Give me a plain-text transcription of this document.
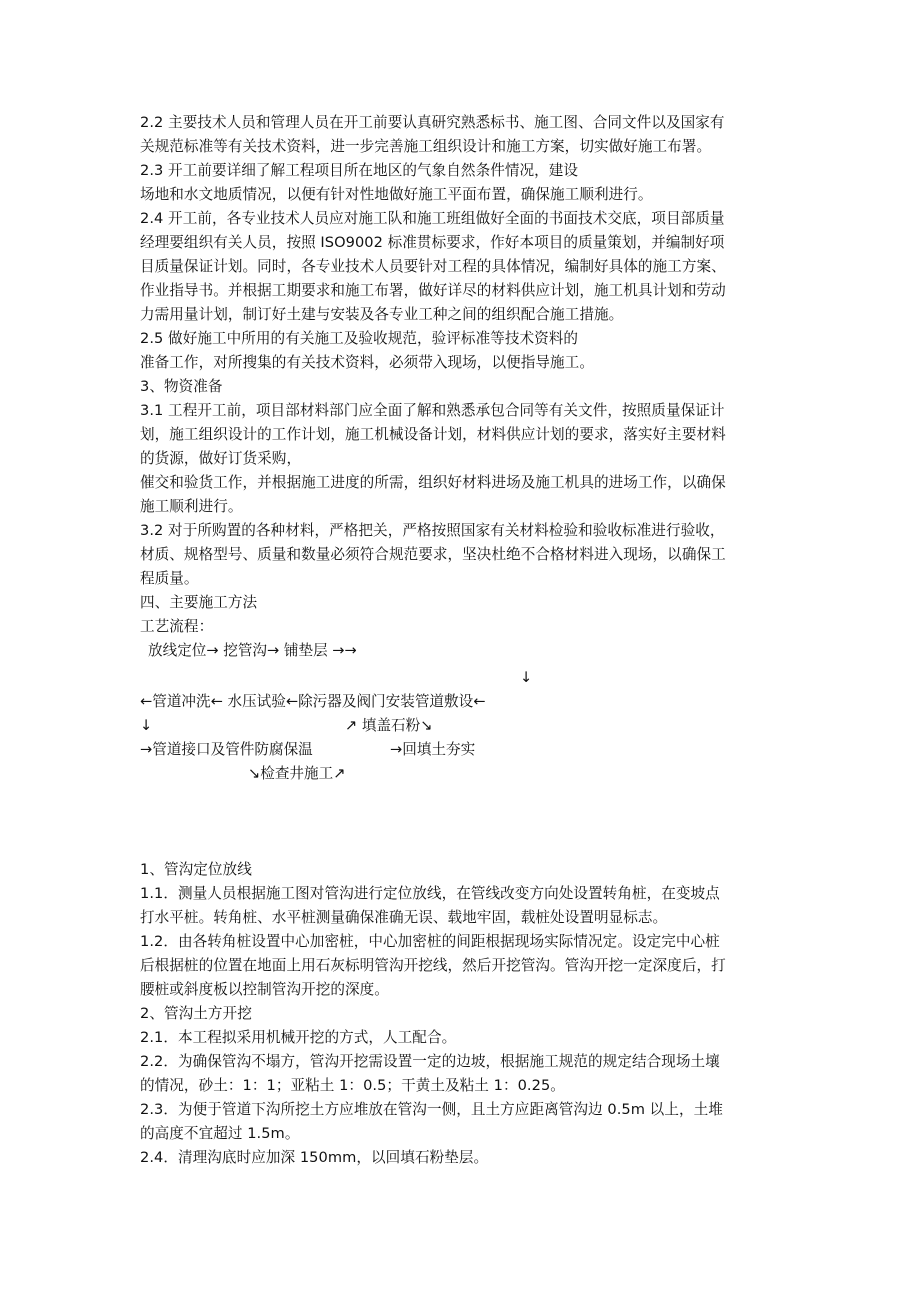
2.2 主要技术人员和管理人员在开工前要认真研究熟悉标书、施工图、合同文件以及国家有
关规范标准等有关技术资料，进一步完善施工组织设计和施工方案，切实做好施工布署。
2.3 开工前要详细了解工程项目所在地区的气象自然条件情况，建设
场地和水文地质情况，以便有针对性地做好施工平面布置，确保施工顺利进行。
2.4 开工前，各专业技术人员应对施工队和施工班组做好全面的书面技术交底，项目部质量
经理要组织有关人员，按照 ISO9002 标准贯标要求，作好本项目的质量策划，并编制好项
目质量保证计划。同时，各专业技术人员要针对工程的具体情况，编制好具体的施工方案、
作业指导书。并根据工期要求和施工布署，做好详尽的材料供应计划，施工机具计划和劳动
力需用量计划，制订好土建与安装及各专业工种之间的组织配合施工措施。
2.5 做好施工中所用的有关施工及验收规范，验评标准等技术资料的
准备工作，对所搜集的有关技术资料，必须带入现场，以便指导施工。
3、物资准备
3.1 工程开工前，项目部材料部门应全面了解和熟悉承包合同等有关文件，按照质量保证计
划，施工组织设计的工作计划，施工机械设备计划，材料供应计划的要求，落实好主要材料
的货源，做好订货采购，
催交和验货工作，并根据施工进度的所需，组织好材料进场及施工机具的进场工作，以确保
施工顺利进行。
3.2 对于所购置的各种材料，严格把关，严格按照国家有关材料检验和验收标准进行验收，
材质、规格型号、质量和数量必须符合规范要求，坚决杜绝不合格材料进入现场，以确保工
程质量。
四、主要施工方法
工艺流程：
放线定位→ 挖管沟→ 铺垫层 →→
↓
←管道冲洗← 水压试验←除污器及阀门安装管道敷设←
↓	↗ 填盖石粉↘
→管道接口及管件防腐保温	→回填土夯实
↘检查井施工↗
1、管沟定位放线
1.1．测量人员根据施工图对管沟进行定位放线，在管线改变方向处设置转角桩，在变坡点
打水平桩。转角桩、水平桩测量确保准确无误、载地牢固，载桩处设置明显标志。
1.2．由各转角桩设置中心加密桩，中心加密桩的间距根据现场实际情况定。设定完中心桩
后根据桩的位置在地面上用石灰标明管沟开挖线，然后开挖管沟。管沟开挖一定深度后，打
腰桩或斜度板以控制管沟开挖的深度。
2、管沟土方开挖
2.1．本工程拟采用机械开挖的方式，人工配合。
2.2．为确保管沟不塌方，管沟开挖需设置一定的边坡，根据施工规范的规定结合现场土壤
的情况，砂土：1：1；亚粘土 1：0.5；干黄土及粘土 1：0.25。
2.3．为便于管道下沟所挖土方应堆放在管沟一侧，且土方应距离管沟边 0.5m 以上，土堆
的高度不宜超过 1.5m。
2.4．清理沟底时应加深 150mm，以回填石粉垫层。
